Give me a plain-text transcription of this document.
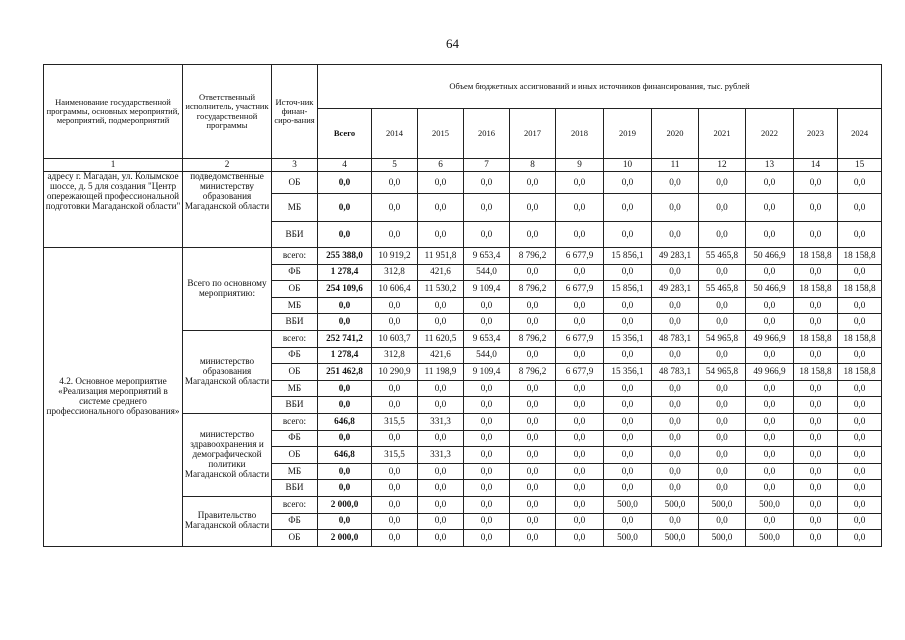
64
Наименование государственной программы, основных мероприятий, мероприятий, подмероприятий	Ответственный исполнитель, участник государственной программы	Источ-ник финан-сиро-вания	Объем бюджетных ассигнований и иных источников финансирования, тыс. рублей											
			Всего	2014	2015	2016	2017	2018	2019	2020	2021	2022	2023	2024
1	2	3	4	5	6	7	8	9	10	11	12	13	14	15
адресу г. Магадан, ул. Колымское шоссе, д. 5 для создания "Центр опережающей профессиональной подготовки Магаданской области"	подведомственные министерству образования Магаданской области	ОБ	0,0	0,0	0,0	0,0	0,0	0,0	0,0	0,0	0,0	0,0	0,0	0,0
		МБ	0,0	0,0	0,0	0,0	0,0	0,0	0,0	0,0	0,0	0,0	0,0	0,0
		ВБИ	0,0	0,0	0,0	0,0	0,0	0,0	0,0	0,0	0,0	0,0	0,0	0,0
4.2. Основное мероприятие «Реализация мероприятий в системе среднего профессионального образования»	Всего по основному мероприятию:	всего:	255 388,0	10 919,2	11 951,8	9 653,4	8 796,2	6 677,9	15 856,1	49 283,1	55 465,8	50 466,9	18 158,8	18 158,8
		ФБ	1 278,4	312,8	421,6	544,0	0,0	0,0	0,0	0,0	0,0	0,0	0,0	0,0
		ОБ	254 109,6	10 606,4	11 530,2	9 109,4	8 796,2	6 677,9	15 856,1	49 283,1	55 465,8	50 466,9	18 158,8	18 158,8
		МБ	0,0	0,0	0,0	0,0	0,0	0,0	0,0	0,0	0,0	0,0	0,0	0,0
		ВБИ	0,0	0,0	0,0	0,0	0,0	0,0	0,0	0,0	0,0	0,0	0,0	0,0
	министерство образования Магаданской области	всего:	252 741,2	10 603,7	11 620,5	9 653,4	8 796,2	6 677,9	15 356,1	48 783,1	54 965,8	49 966,9	18 158,8	18 158,8
		ФБ	1 278,4	312,8	421,6	544,0	0,0	0,0	0,0	0,0	0,0	0,0	0,0	0,0
		ОБ	251 462,8	10 290,9	11 198,9	9 109,4	8 796,2	6 677,9	15 356,1	48 783,1	54 965,8	49 966,9	18 158,8	18 158,8
		МБ	0,0	0,0	0,0	0,0	0,0	0,0	0,0	0,0	0,0	0,0	0,0	0,0
		ВБИ	0,0	0,0	0,0	0,0	0,0	0,0	0,0	0,0	0,0	0,0	0,0	0,0
	министерство здравоохранения и демографической политики Магаданской области	всего:	646,8	315,5	331,3	0,0	0,0	0,0	0,0	0,0	0,0	0,0	0,0	0,0
		ФБ	0,0	0,0	0,0	0,0	0,0	0,0	0,0	0,0	0,0	0,0	0,0	0,0
		ОБ	646,8	315,5	331,3	0,0	0,0	0,0	0,0	0,0	0,0	0,0	0,0	0,0
		МБ	0,0	0,0	0,0	0,0	0,0	0,0	0,0	0,0	0,0	0,0	0,0	0,0
		ВБИ	0,0	0,0	0,0	0,0	0,0	0,0	0,0	0,0	0,0	0,0	0,0	0,0
	Правительство Магаданской области	всего:	2 000,0	0,0	0,0	0,0	0,0	0,0	500,0	500,0	500,0	500,0	0,0	0,0
		ФБ	0,0	0,0	0,0	0,0	0,0	0,0	0,0	0,0	0,0	0,0	0,0	0,0
		ОБ	2 000,0	0,0	0,0	0,0	0,0	0,0	500,0	500,0	500,0	500,0	0,0	0,0
